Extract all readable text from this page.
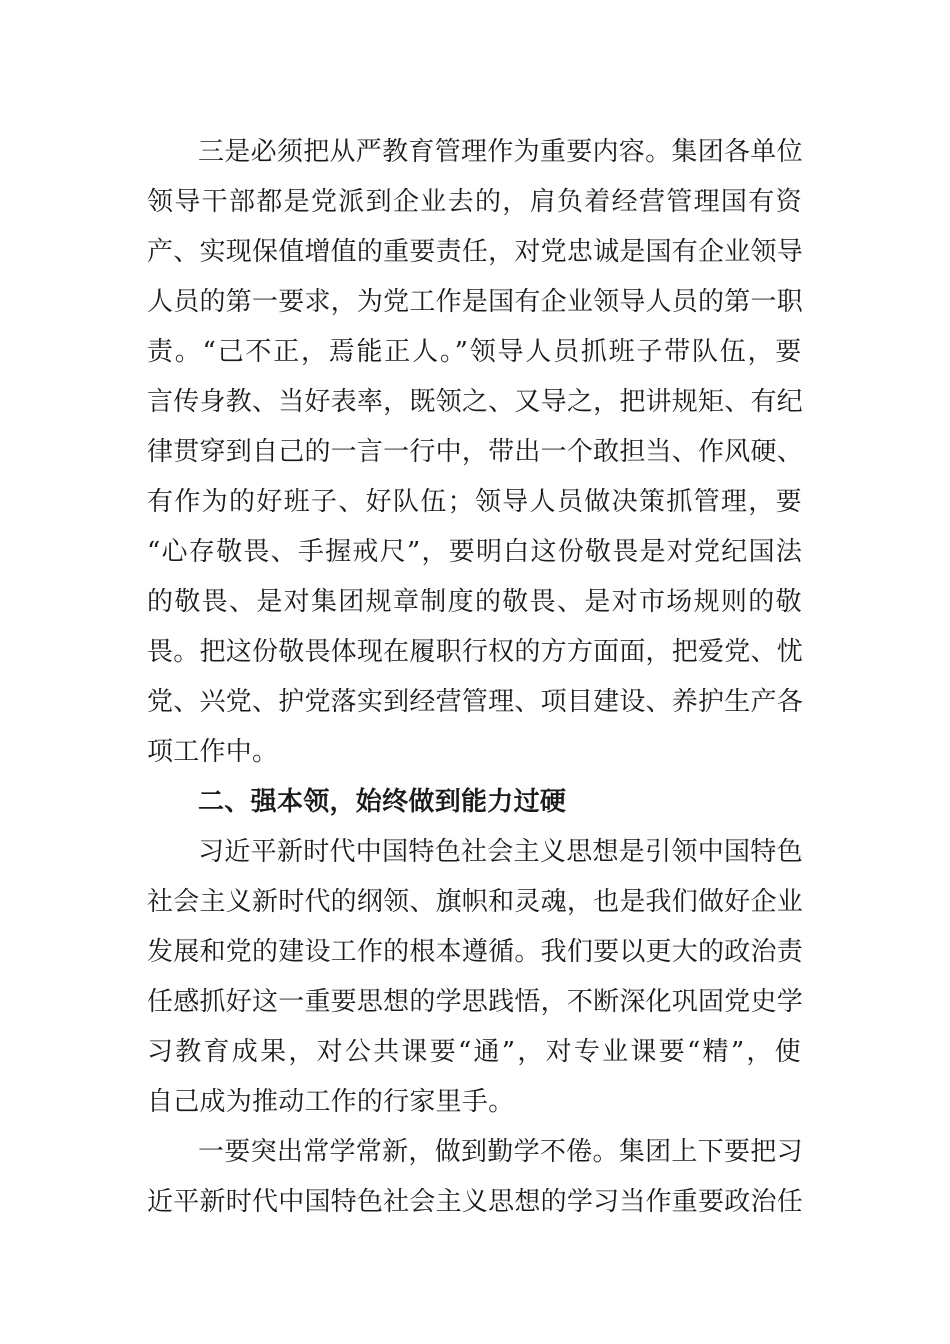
三是必须把从严教育管理作为重要内容。集团各单位
领导干部都是党派到企业去的，肩负着经营管理国有资
产、实现保值增值的重要责任，对党忠诚是国有企业领导
人员的第一要求，为党工作是国有企业领导人员的第一职
责。“己不正，焉能正人。”领导人员抓班子带队伍，要
言传身教、当好表率，既领之、又导之，把讲规矩、有纪
律贯穿到自己的一言一行中，带出一个敢担当、作风硬、
有作为的好班子、好队伍；领导人员做决策抓管理，要
“心存敬畏、手握戒尺”，要明白这份敬畏是对党纪国法
的敬畏、是对集团规章制度的敬畏、是对市场规则的敬
畏。把这份敬畏体现在履职行权的方方面面，把爱党、忧
党、兴党、护党落实到经营管理、项目建设、养护生产各
项工作中。
二、强本领，始终做到能力过硬
习近平新时代中国特色社会主义思想是引领中国特色
社会主义新时代的纲领、旗帜和灵魂，也是我们做好企业
发展和党的建设工作的根本遵循。我们要以更大的政治责
任感抓好这一重要思想的学思践悟，不断深化巩固党史学
习教育成果，对公共课要“通”，对专业课要“精”，使
自己成为推动工作的行家里手。
一要突出常学常新，做到勤学不倦。集团上下要把习
近平新时代中国特色社会主义思想的学习当作重要政治任
